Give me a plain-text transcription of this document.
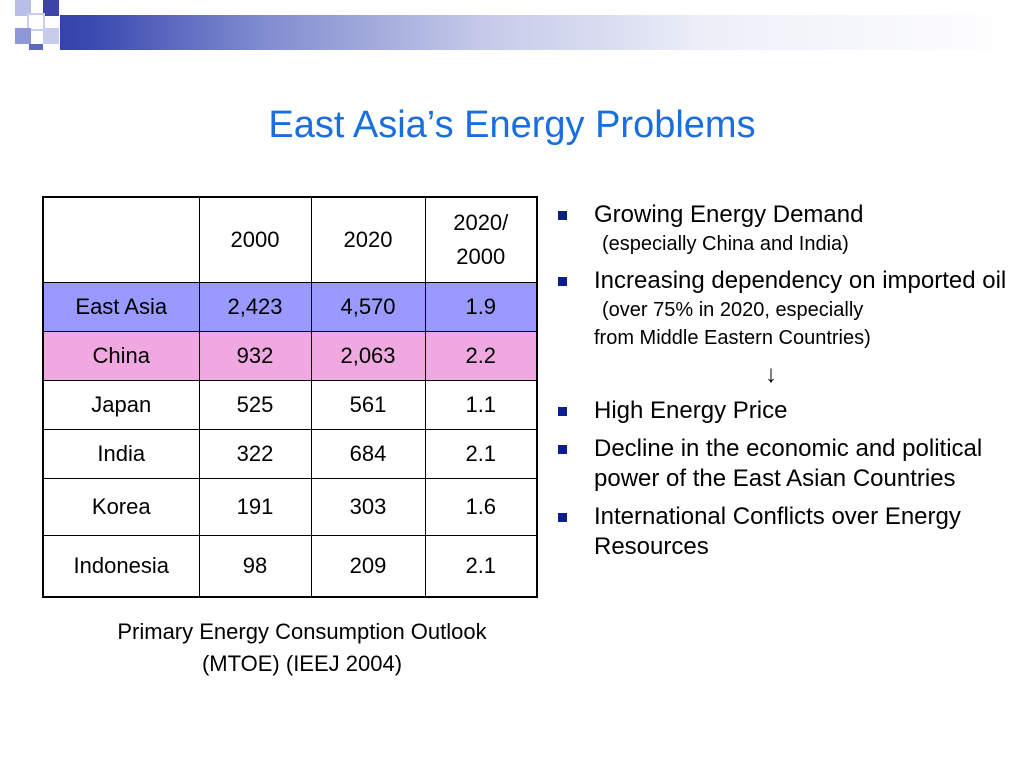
East Asia’s Energy Problems
	2000	2020	2020/
2000

East Asia	2,423	4,570	1.9
China	932	2,063	2.2
Japan	525	561	1.1
India	322	684	2.1
Korea	191	303	1.6
Indonesia	98	209	2.1
Primary Energy Consumption Outlook
(MTOE) (IEEJ 2004)
Growing Energy Demand
(especially China and India)
Increasing dependency on imported oil
(over 75% in 2020, especially
from Middle Eastern Countries)
↓
High Energy Price
Decline in the economic and political power of the East Asian Countries
International Conflicts over Energy Resources
